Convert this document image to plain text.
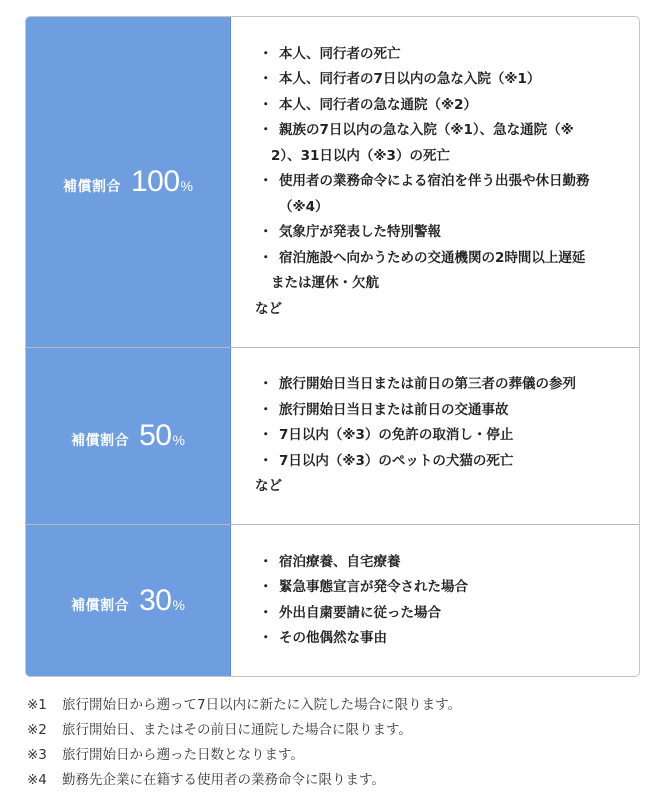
補償割合 100%
・ 本人、同行者の死亡
・ 本人、同行者の7日以内の急な入院（※1）
・ 本人、同行者の急な通院（※2）
・ 親族の7日以内の急な入院（※1）、急な通院（※
2）、31日以内（※3）の死亡
・ 使用者の業務命令による宿泊を伴う出張や休日勤務
（※4）
・ 気象庁が発表した特別警報
・ 宿泊施設へ向かうための交通機関の2時間以上遅延
または運休・欠航
など
補償割合 50%
・ 旅行開始日当日または前日の第三者の葬儀の参列
・ 旅行開始日当日または前日の交通事故
・ 7日以内（※3）の免許の取消し・停止
・ 7日以内（※3）のペットの犬猫の死亡
など
補償割合 30%
・ 宿泊療養、自宅療養
・ 緊急事態宣言が発令された場合
・ 外出自粛要請に従った場合
・ その他偶然な事由
※1	旅行開始日から遡って7日以内に新たに入院した場合に限ります。
※2	旅行開始日、またはその前日に通院した場合に限ります。
※3	旅行開始日から遡った日数となります。
※4	勤務先企業に在籍する使用者の業務命令に限ります。
